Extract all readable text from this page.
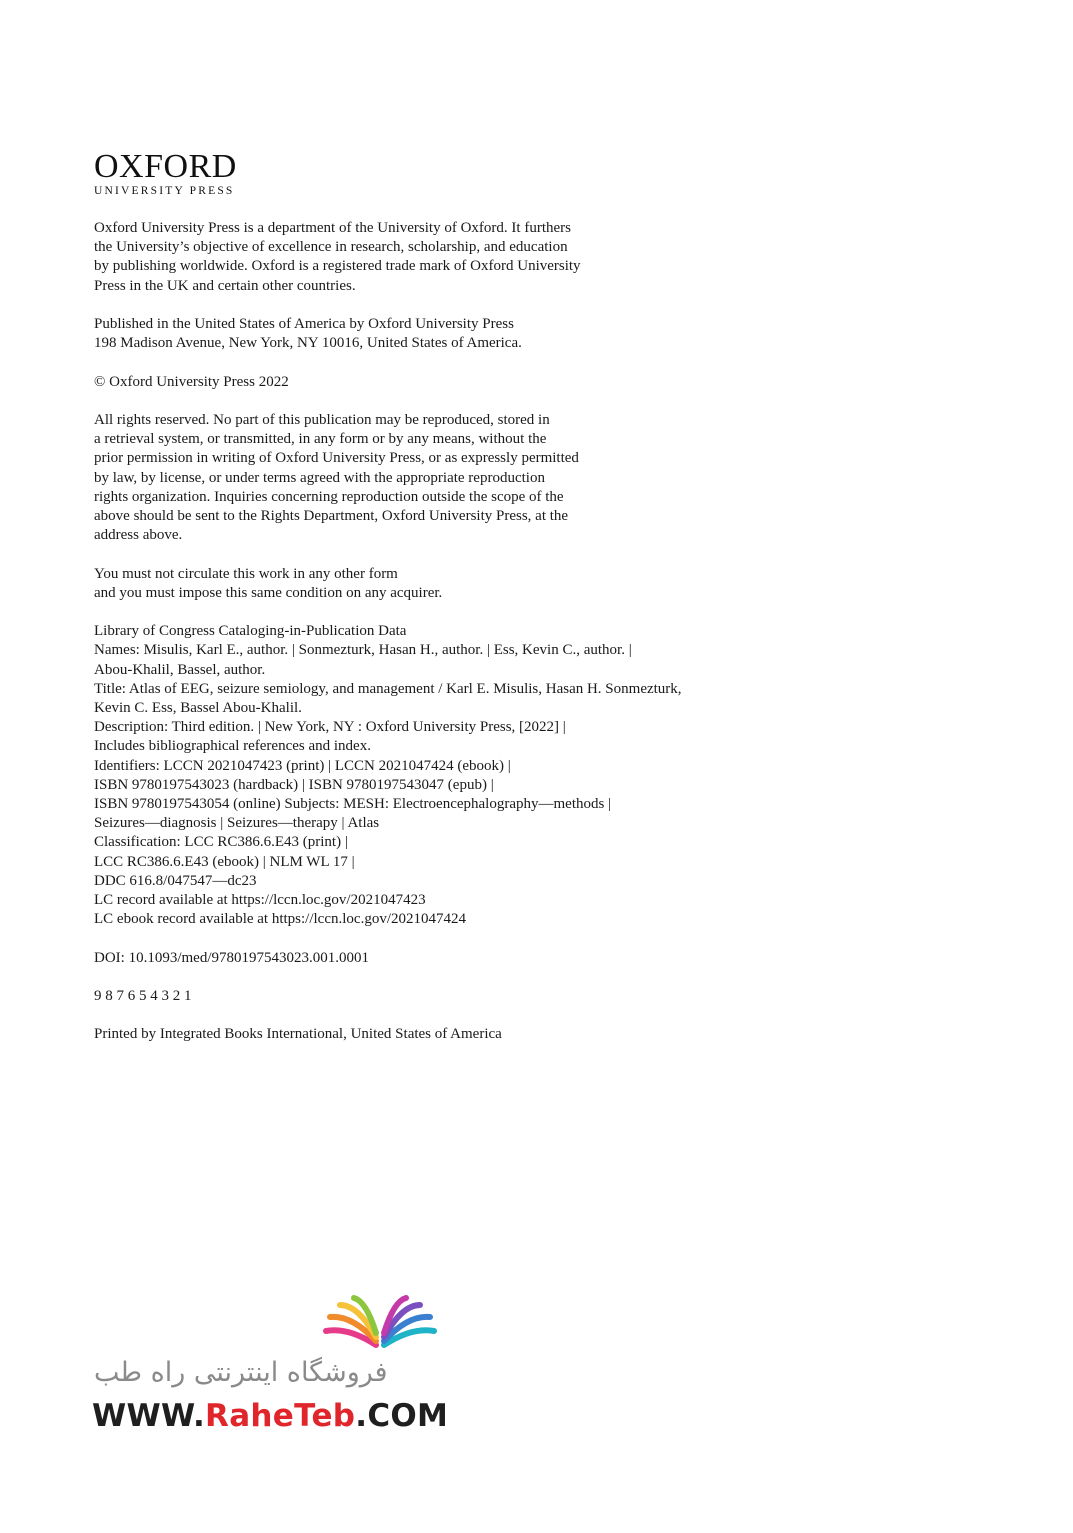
OXFORD
UNIVERSITY PRESS
Oxford University Press is a department of the University of Oxford. It furthers
the University’s objective of excellence in research, scholarship, and education
by publishing worldwide. Oxford is a registered trade mark of Oxford University
Press in the UK and certain other countries.
Published in the United States of America by Oxford University Press
198 Madison Avenue, New York, NY 10016, United States of America.
© Oxford University Press 2022
All rights reserved. No part of this publication may be reproduced, stored in
a retrieval system, or transmitted, in any form or by any means, without the
prior permission in writing of Oxford University Press, or as expressly permitted
by law, by license, or under terms agreed with the appropriate reproduction
rights organization. Inquiries concerning reproduction outside the scope of the
above should be sent to the Rights Department, Oxford University Press, at the
address above.
You must not circulate this work in any other form
and you must impose this same condition on any acquirer.
Library of Congress Cataloging-in-Publication Data
Names: Misulis, Karl E., author. | Sonmezturk, Hasan H., author. | Ess, Kevin C., author. |
Abou-Khalil, Bassel, author.
Title: Atlas of EEG, seizure semiology, and management / Karl E. Misulis, Hasan H. Sonmezturk,
Kevin C. Ess, Bassel Abou-Khalil.
Description: Third edition. | New York, NY : Oxford University Press, [2022] |
Includes bibliographical references and index.
Identifiers: LCCN 2021047423 (print) | LCCN 2021047424 (ebook) |
ISBN 9780197543023 (hardback) | ISBN 9780197543047 (epub) |
ISBN 9780197543054 (online) Subjects: MESH: Electroencephalography—methods |
Seizures—diagnosis | Seizures—therapy | Atlas
Classification: LCC RC386.6.E43 (print) |
LCC RC386.6.E43 (ebook) | NLM WL 17 |
DDC 616.8/047547—dc23
LC record available at https://lccn.loc.gov/2021047423
LC ebook record available at https://lccn.loc.gov/2021047424
DOI: 10.1093/med/9780197543023.001.0001
9 8 7 6 5 4 3 2 1
Printed by Integrated Books International, United States of America
فروشگاه اینترنتی راه طب
WWW.RaheTeb.COM
